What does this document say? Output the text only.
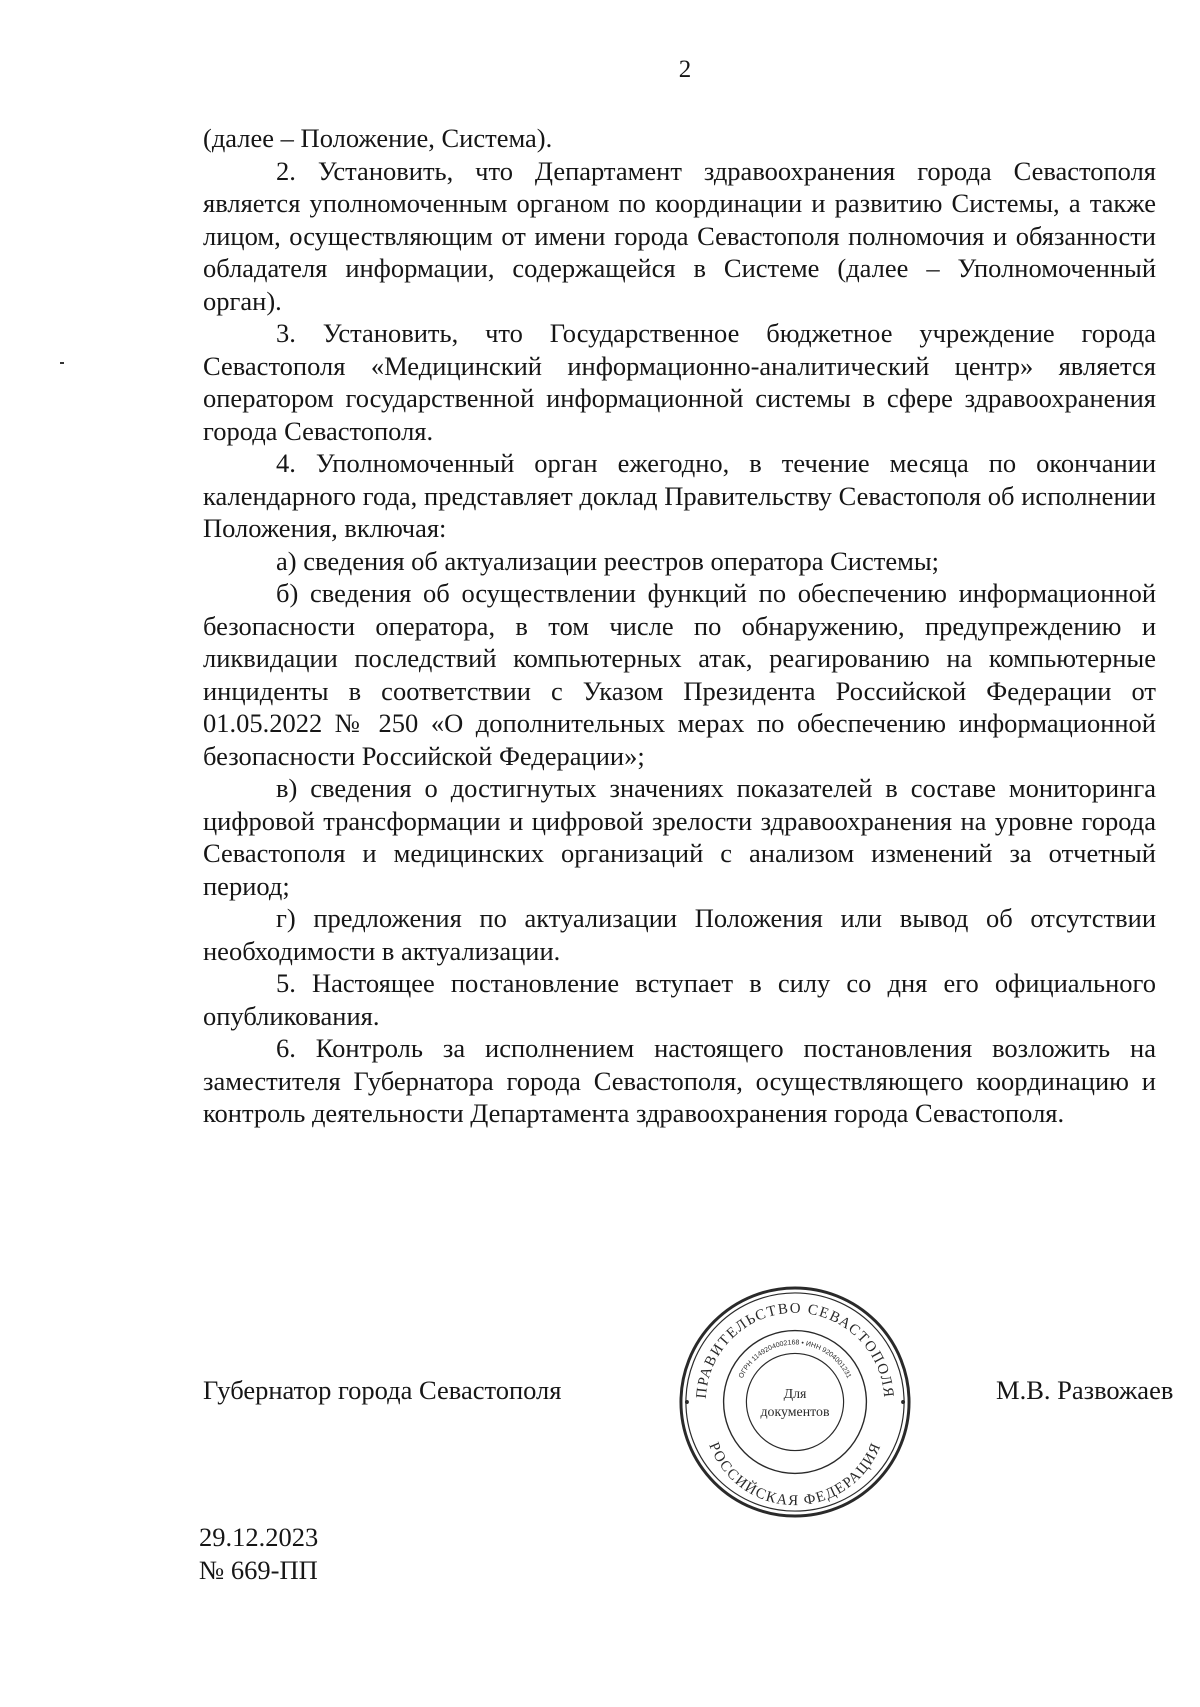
2

(далее – Положение, Система).

2. Установить, что Департамент здравоохранения города Севастополя является уполномоченным органом по координации и развитию Системы, а также лицом, осуществляющим от имени города Севастополя полномочия и обязанности обладателя информации, содержащейся в Системе (далее – Уполномоченный орган).

3. Установить, что Государственное бюджетное учреждение города Севастополя «Медицинский информационно-аналитический центр» является оператором государственной информационной системы в сфере здравоохранения города Севастополя.

4. Уполномоченный орган ежегодно, в течение месяца по окончании календарного года, представляет доклад Правительству Севастополя об исполнении Положения, включая:

а) сведения об актуализации реестров оператора Системы;

б) сведения об осуществлении функций по обеспечению информационной безопасности оператора, в том числе по обнаружению, предупреждению и ликвидации последствий компьютерных атак, реагированию на компьютерные инциденты в соответствии с Указом Президента Российской Федерации от 01.05.2022 № 250 «О дополнительных мерах по обеспечению информационной безопасности Российской Федерации»;

в) сведения о достигнутых значениях показателей в составе мониторинга цифровой трансформации и цифровой зрелости здравоохранения на уровне города Севастополя и медицинских организаций с анализом изменений за отчетный период;

г) предложения по актуализации Положения или вывод об отсутствии необходимости в актуализации.

5. Настоящее постановление вступает в силу со дня его официального опубликования.

6. Контроль за исполнением настоящего постановления возложить на заместителя Губернатора города Севастополя, осуществляющего координацию и контроль деятельности Департамента здравоохранения города Севастополя.

Губернатор города Севастополя	М.В. Развожаев
ПРАВИТЕЛЬСТВО СЕВАСТОПОЛЯ
РОССИЙСКАЯ ФЕДЕРАЦИЯ
ОГРН 1149204002168 • ИНН 9204001231
Для
документов
29.12.2023
№ 669-ПП
